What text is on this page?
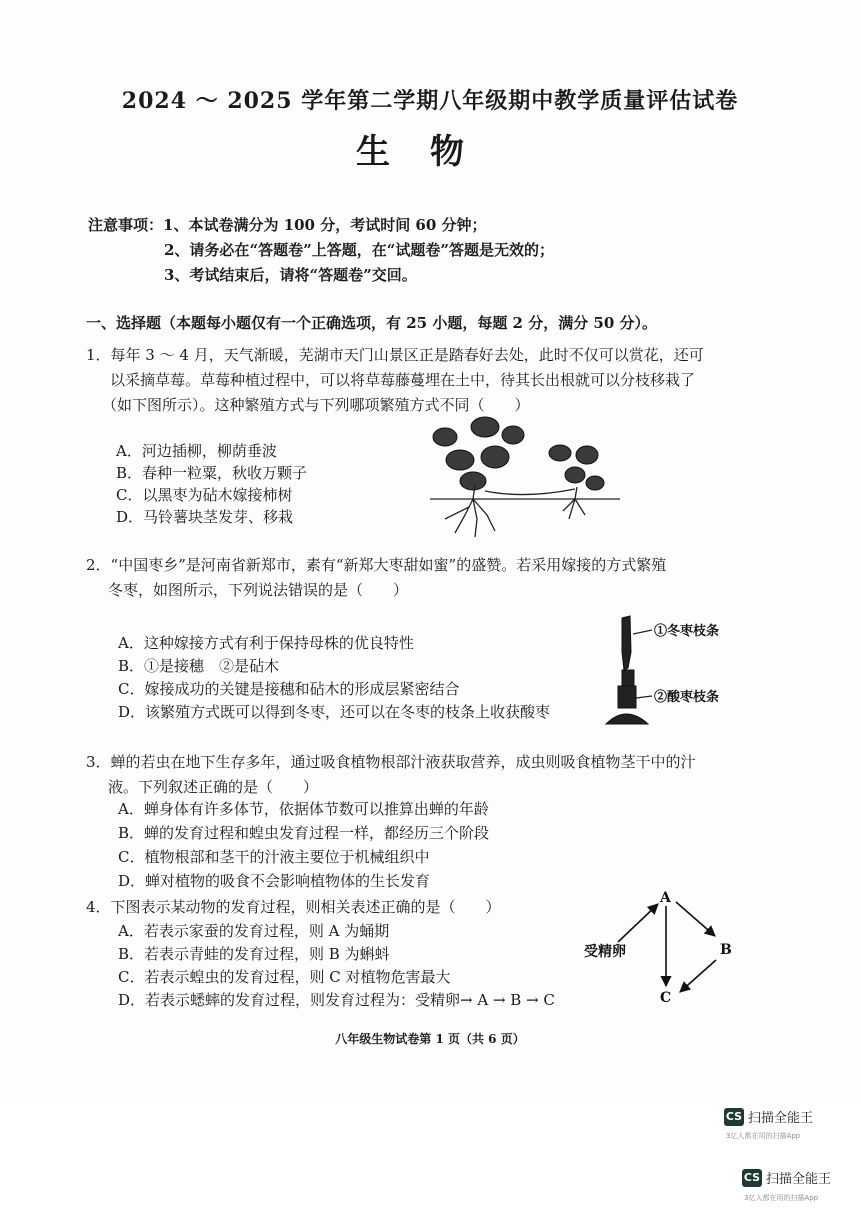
2024 ～ 2025 学年第二学期八年级期中教学质量评估试卷
生物
注意事项：1、本试卷满分为 100 分，考试时间 60 分钟；
2、请务必在“答题卷”上答题，在“试题卷”答题是无效的；
3、考试结束后，请将“答题卷”交回。
一、选择题（本题每小题仅有一个正确选项，有 25 小题，每题 2 分，满分 50 分）。
1．每年 3 ～ 4 月，天气渐暖，芜湖市天门山景区正是踏春好去处，此时不仅可以赏花，还可
以采摘草莓。草莓种植过程中，可以将草莓藤蔓埋在土中，待其长出根就可以分枝移栽了
（如下图所示）。这种繁殖方式与下列哪项繁殖方式不同（　　）
A．河边插柳，柳荫垂波
B．春种一粒粟，秋收万颗子
C．以黑枣为砧木嫁接柿树
D．马铃薯块茎发芽、移栽
2．“中国枣乡”是河南省新郑市，素有“新郑大枣甜如蜜”的盛赞。若采用嫁接的方式繁殖
冬枣，如图所示，下列说法错误的是（　　）
A．这种嫁接方式有利于保持母株的优良特性
B．①是接穗　②是砧木
C．嫁接成功的关键是接穗和砧木的形成层紧密结合
D．该繁殖方式既可以得到冬枣，还可以在冬枣的枝条上收获酸枣
①冬枣枝条
②酸枣枝条
3．蝉的若虫在地下生存多年，通过吸食植物根部汁液获取营养，成虫则吸食植物茎干中的汁
液。下列叙述正确的是（　　）
A．蝉身体有许多体节，依据体节数可以推算出蝉的年龄
B．蝉的发育过程和蝗虫发育过程一样，都经历三个阶段
C．植物根部和茎干的汁液主要位于机械组织中
D．蝉对植物的吸食不会影响植物体的生长发育
4．下图表示某动物的发育过程，则相关表述正确的是（　　）
A．若表示家蚕的发育过程，则 A 为蛹期
B．若表示青蛙的发育过程，则 B 为蝌蚪
C．若表示蝗虫的发育过程，则 C 对植物危害最大
D．若表示蟋蟀的发育过程，则发育过程为：受精卵→ A → B → C
A
B
C
受精卵
八年级生物试卷第 1 页（共 6 页）
CS 扫描全能王
3亿人都在用的扫描App
CS 扫描全能王
3亿人都在用的扫描App
